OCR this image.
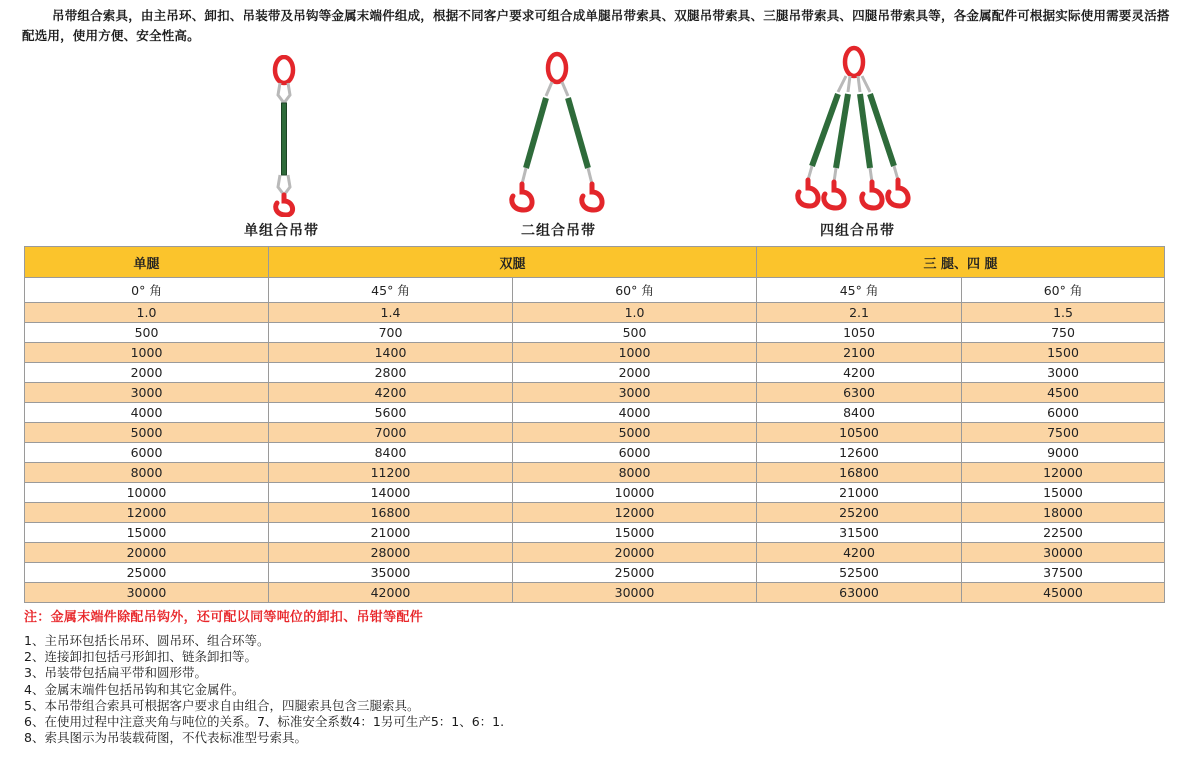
吊带组合索具，由主吊环、卸扣、吊装带及吊钩等金属末端件组成，根据不同客户要求可组合成单腿吊带索具、双腿吊带索具、三腿吊带索具、四腿吊带索具等，各金属配件可根据实际使用需要灵活搭配选用，使用方便、安全性高。
单组合吊带	二组合吊带	四组合吊带
单腿	双腿		三 腿、四 腿	
0° 角	45° 角	60° 角	45° 角	60° 角
1.0	1.4	1.0	2.1	1.5
500	700	500	1050	750
1000	1400	1000	2100	1500
2000	2800	2000	4200	3000
3000	4200	3000	6300	4500
4000	5600	4000	8400	6000
5000	7000	5000	10500	7500
6000	8400	6000	12600	9000
8000	11200	8000	16800	12000
10000	14000	10000	21000	15000
12000	16800	12000	25200	18000
15000	21000	15000	31500	22500
20000	28000	20000	4200	30000
25000	35000	25000	52500	37500
30000	42000	30000	63000	45000
注：金属末端件除配吊钩外，还可配以同等吨位的卸扣、吊钳等配件
1、主吊环包括长吊环、圆吊环、组合环等。
2、连接卸扣包括弓形卸扣、链条卸扣等。
3、吊装带包括扁平带和圆形带。
4、金属末端件包括吊钩和其它金属件。
5、本吊带组合索具可根据客户要求自由组合，四腿索具包含三腿索具。
6、在使用过程中注意夹角与吨位的关系。7、标准安全系数4：1另可生产5：1、6：1.
8、索具图示为吊装载荷图，不代表标准型号索具。
